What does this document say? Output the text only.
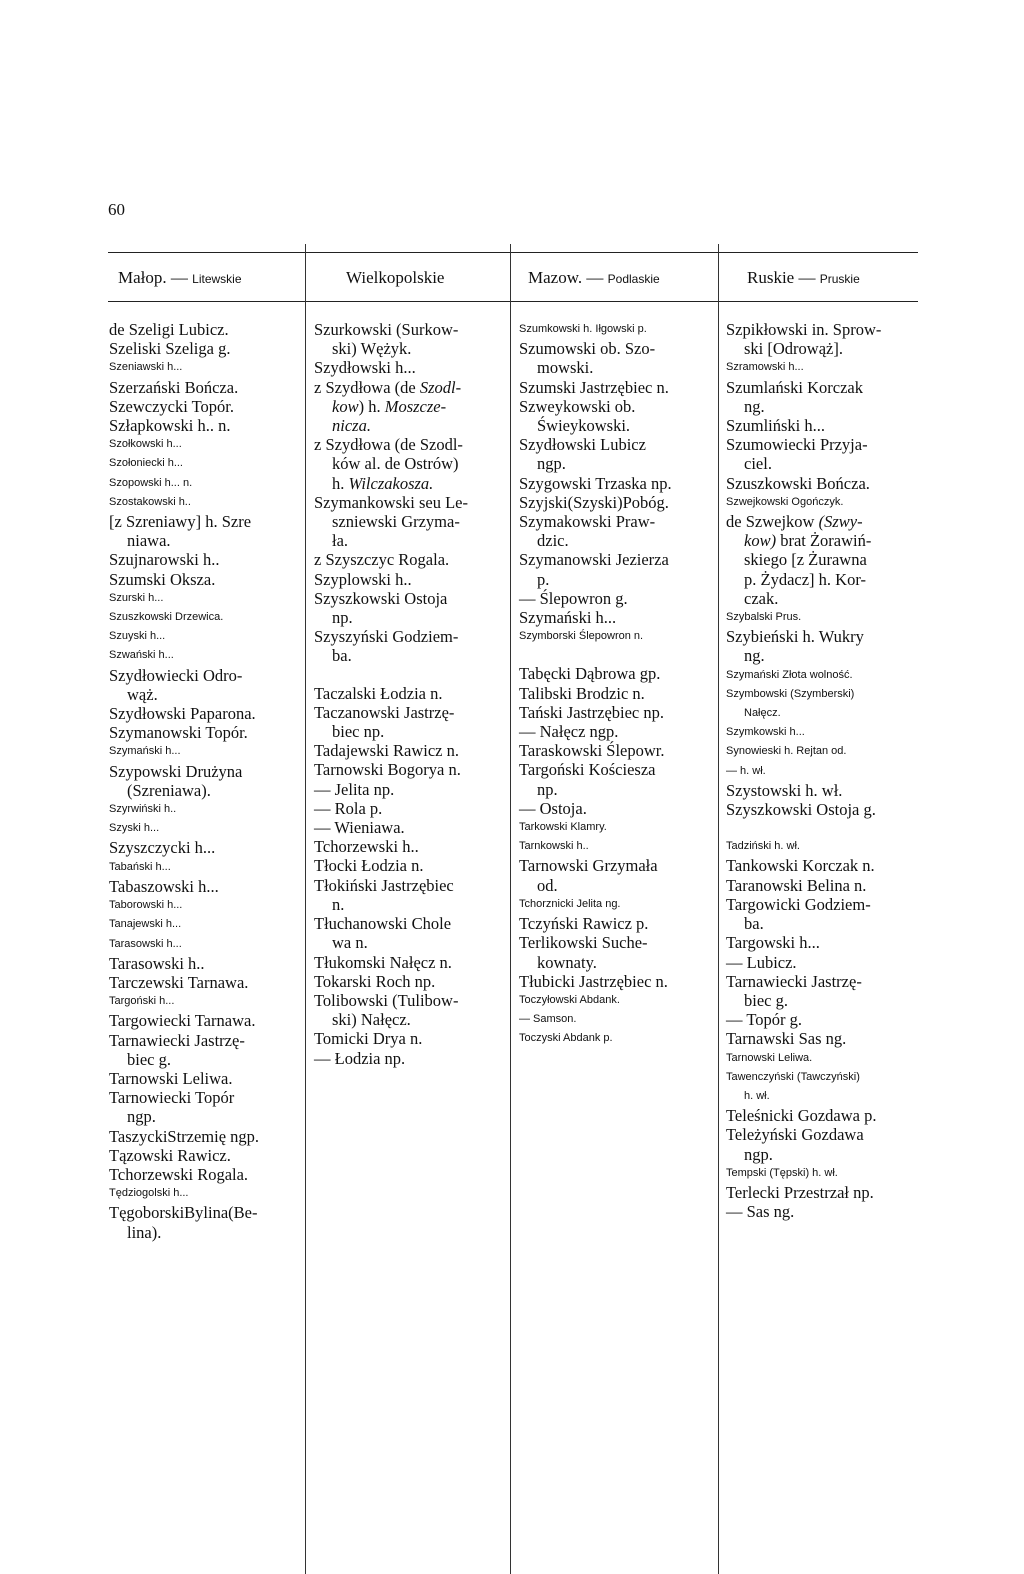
60
Małop. — Litewskie	Wielkopolskie	Mazow. — Podlaskie	Ruskie — Pruskie
de Szeligi Lubicz.
Szeliski Szeliga g.
Szeniawski h...
Szerzański Bończa.
Szewczycki Topór.
Szłapkowski h.. n.
Szołkowski h...
Szołoniecki h...
Szopowski h... n.
Szostakowski h..
[z Szreniawy] h. Szre
niawa.
Szujnarowski h..
Szumski Oksza.
Szurski h...
Szuszkowski Drzewica.
Szuyski h...
Szwański h...
Szydłowiecki Odro-
wąż.
Szydłowski Paparona.
Szymanowski Topór.
Szymański h...
Szypowski Drużyna
(Szreniawa).
Szyrwiński h..
Szyski h...
Szyszczycki h...
Tabański h...
Tabaszowski h...
Taborowski h...
Tanajewski h...
Tarasowski h...
Tarasowski h..
Tarczewski Tarnawa.
Targoński h...
Targowiecki Tarnawa.
Tarnawiecki Jastrzę-
biec g.
Tarnowski Leliwa.
Tarnowiecki Topór
ngp.
TaszyckiStrzemię ngp.
Tązowski Rawicz.
Tchorzewski Rogala.
Tędziogolski h...
TęgoborskiBylina(Be-
lina).
Szurkowski (Surkow-
ski) Wężyk.
Szydłowski h...
z Szydłowa (de Szodl-
kow) h. Moszcze-
nicza.
z Szydłowa (de Szodl-
ków al. de Ostrów)
h. Wilczakosza.
Szymankowski seu Le-
szniewski Grzyma-
ła.
z Szyszczyc Rogala.
Szyplowski h..
Szyszkowski Ostoja
np.
Szyszyński Godziem-
ba.
Taczalski Łodzia n.
Taczanowski Jastrzę-
biec np.
Tadajewski Rawicz n.
Tarnowski Bogorya n.
— Jelita np.
— Rola p.
— Wieniawa.
Tchorzewski h..
Tłocki Łodzia n.
Tłokiński Jastrzębiec
n.
Tłuchanowski Chole
wa n.
Tłukomski Nałęcz n.
Tokarski Roch np.
Tolibowski (Tulibow-
ski) Nałęcz.
Tomicki Drya n.
— Łodzia np.
Szumkowski h. Iłgowski p.
Szumowski ob. Szo-
mowski.
Szumski Jastrzębiec n.
Szweykowski ob.
Świeykowski.
Szydłowski Lubicz
ngp.
Szygowski Trzaska np.
Szyjski(Szyski)Pobóg.
Szymakowski Praw-
dzic.
Szymanowski Jezierza
p.
— Ślepowron g.
Szymański h...
Szymborski Ślepowron n.
Tabęcki Dąbrowa gp.
Talibski Brodzic n.
Tański Jastrzębiec np.
— Nałęcz ngp.
Taraskowski Ślepowr.
Targoński Kościesza
np.
— Ostoja.
Tarkowski Klamry.
Tarnkowski h..
Tarnowski Grzymała
od.
Tchorznicki Jelita ng.
Tczyński Rawicz p.
Terlikowski Suche-
kownaty.
Tłubicki Jastrzębiec n.
Toczyłowski Abdank.
— Samson.
Toczyski Abdank p.
Szpikłowski in. Sprow-
ski [Odrowąż].
Szramowski h...
Szumlański Korczak
ng.
Szumliński h...
Szumowiecki Przyja-
ciel.
Szuszkowski Bończa.
Szwejkowski Ogończyk.
de Szwejkow (Szwy-
kow) brat Żorawiń-
skiego [z Żurawna
p. Żydacz] h. Kor-
czak.
Szybalski Prus.
Szybieński h. Wukry
ng.
Szymański Złota wolność.
Szymbowski (Szymberski)
Nałęcz.
Szymkowski h...
Synowieski h. Rejtan od.
— h. wł.
Szystowski h. wł.
Szyszkowski Ostoja g.
Tadziński h. wł.
Tankowski Korczak n.
Taranowski Belina n.
Targowicki Godziem-
ba.
Targowski h...
— Lubicz.
Tarnawiecki Jastrzę-
biec g.
— Topór g.
Tarnawski Sas ng.
Tarnowski Leliwa.
Tawenczyński (Tawczyński)
h. wł.
Teleśnicki Gozdawa p.
Teleżyński Gozdawa
ngp.
Tempski (Tępski) h. wł.
Terlecki Przestrzał np.
— Sas ng.
